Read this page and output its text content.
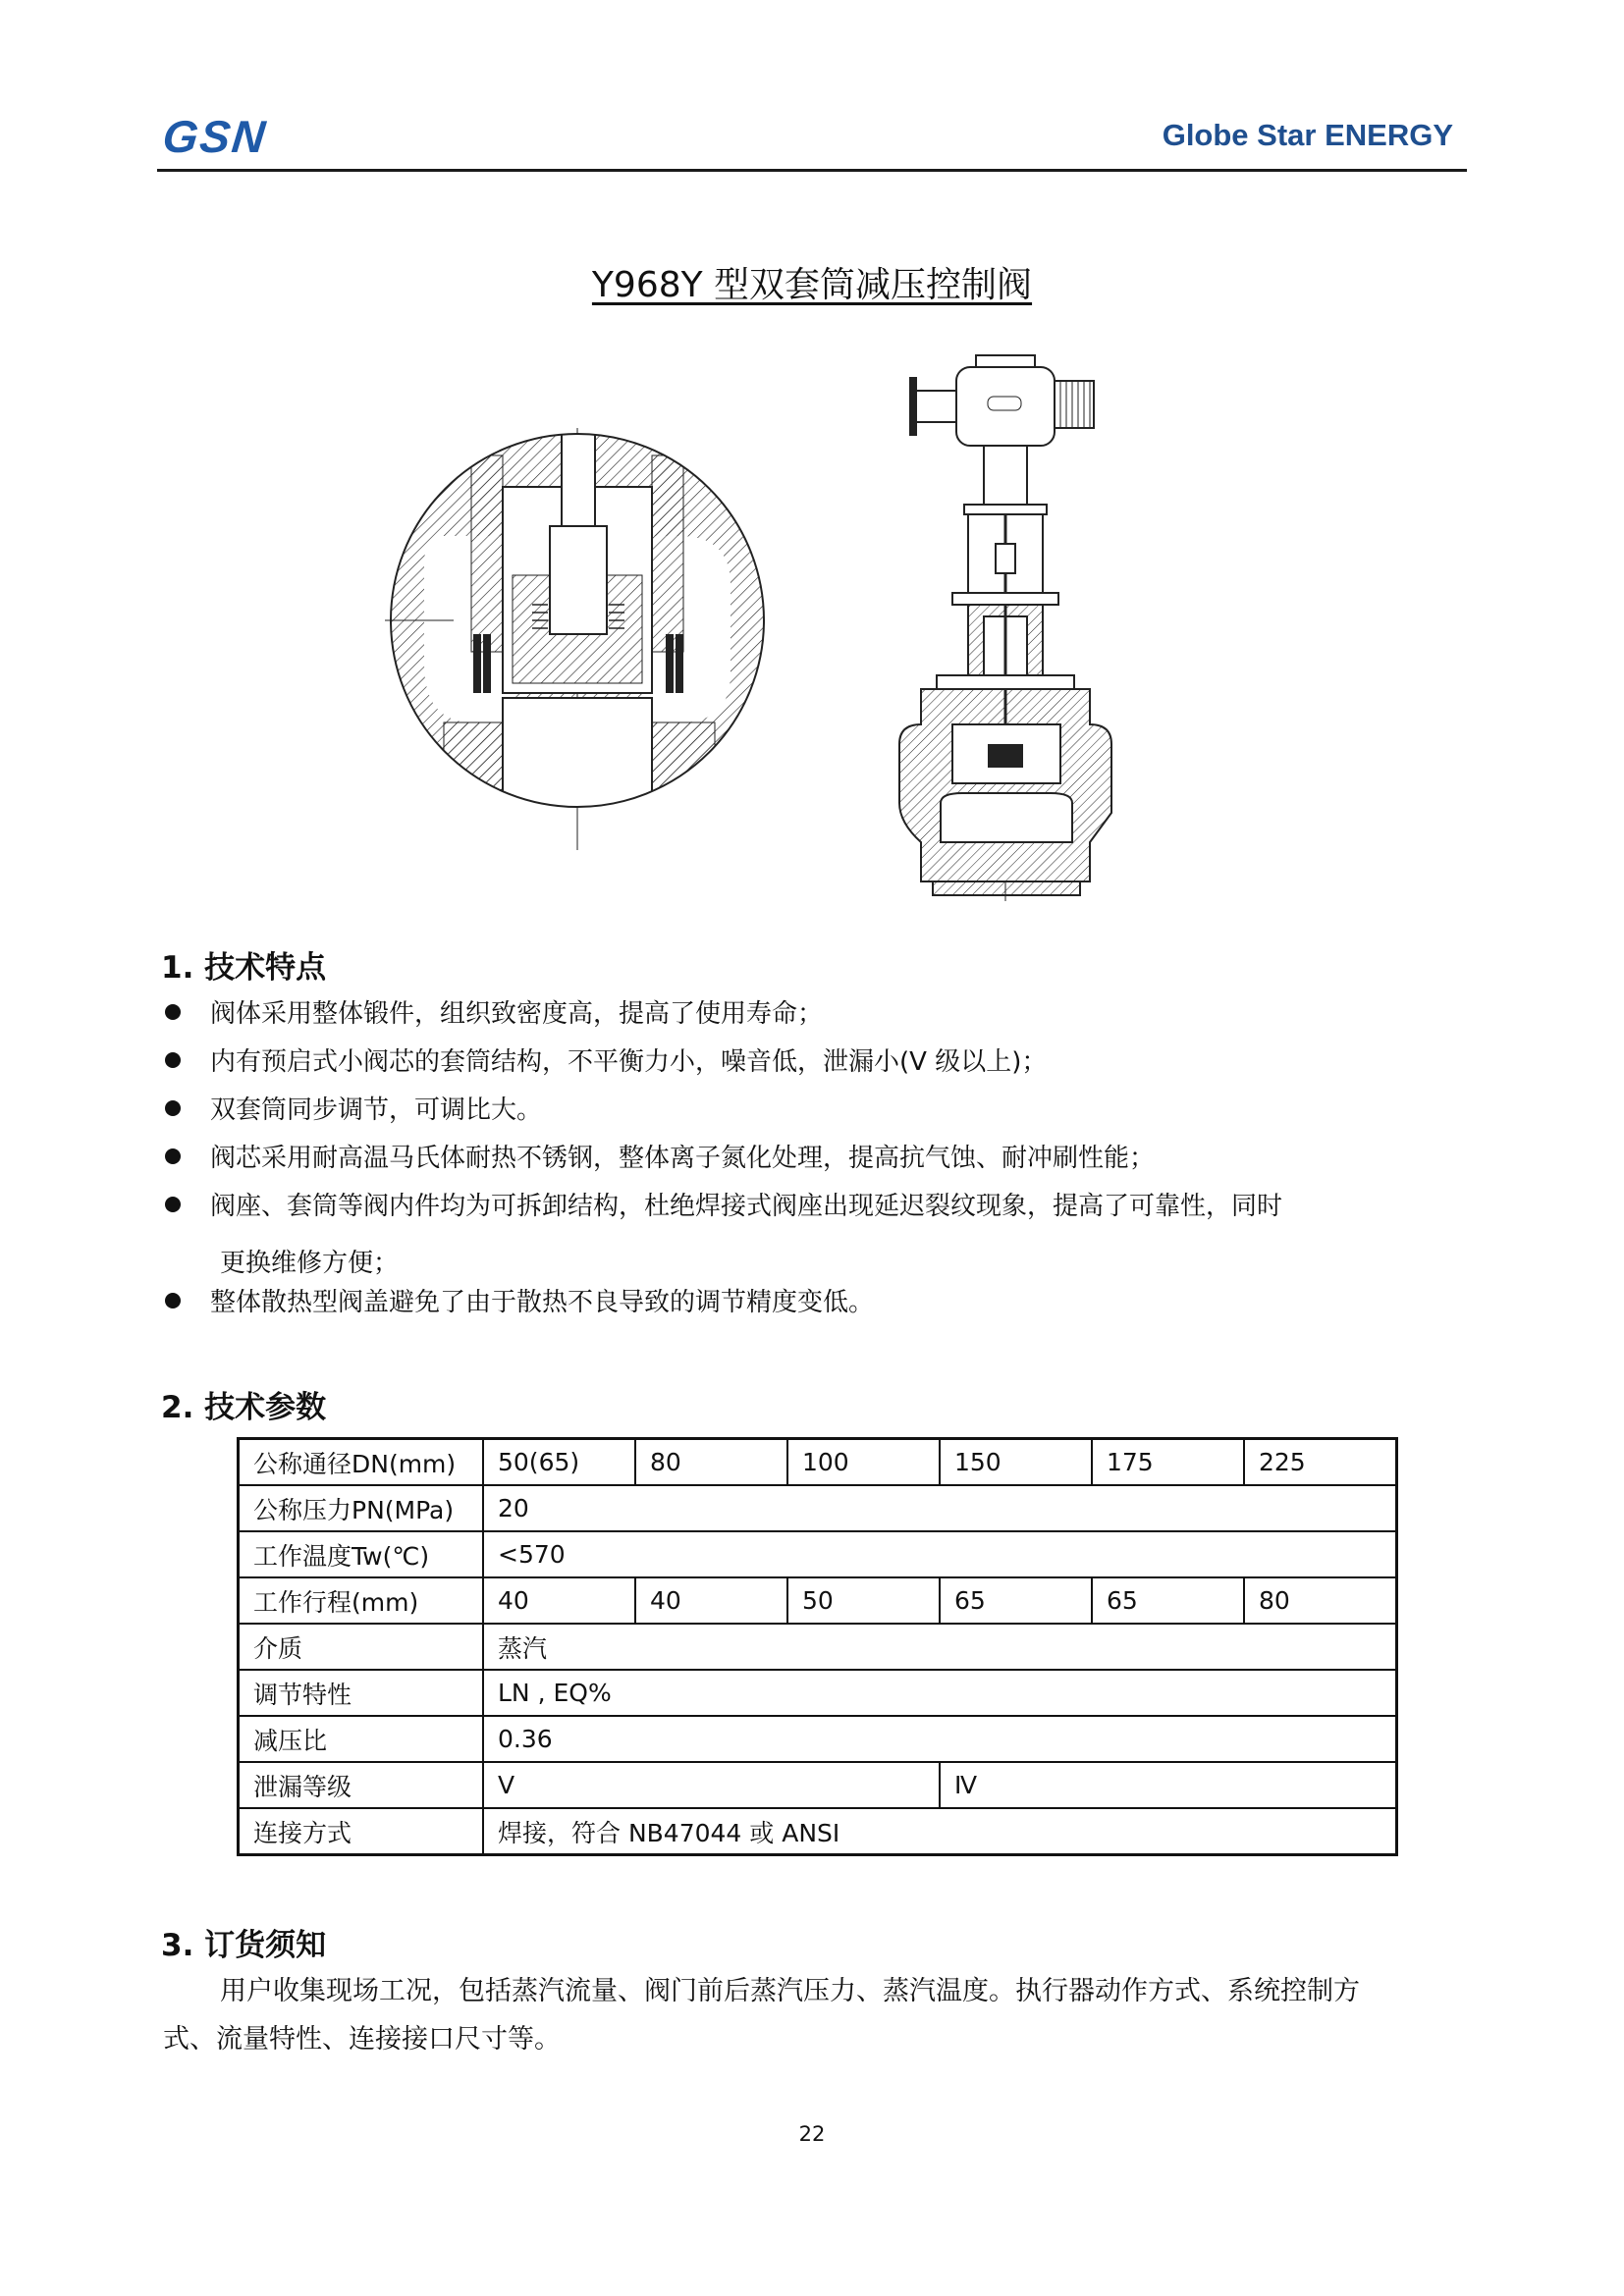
GSN	Globe Star ENERGY
Y968Y 型双套筒减压控制阀
1. 技术特点
阀体采用整体锻件，组织致密度高，提高了使用寿命；
内有预启式小阀芯的套筒结构，不平衡力小，噪音低，泄漏小(V 级以上)；
双套筒同步调节，可调比大。
阀芯采用耐高温马氏体耐热不锈钢，整体离子氮化处理，提高抗气蚀、耐冲刷性能；
阀座、套筒等阀内件均为可拆卸结构，杜绝焊接式阀座出现延迟裂纹现象，提高了可靠性，同时
更换维修方便；
整体散热型阀盖避免了由于散热不良导致的调节精度变低。
2. 技术参数
公称通径DN(mm)	50(65)	80	100	150	175	225
公称压力PN(MPa)	20					
工作温度Tw(℃)	<570					
工作行程(mm)	40	40	50	65	65	80
介质	蒸汽					
调节特性	LN , EQ%					
减压比	0.36					
泄漏等级	V			Ⅳ		
连接方式	焊接，符合 NB47044 或 ANSI					
3. 订货须知
用户收集现场工况，包括蒸汽流量、阀门前后蒸汽压力、蒸汽温度。执行器动作方式、系统控制方
式、流量特性、连接接口尺寸等。
22
